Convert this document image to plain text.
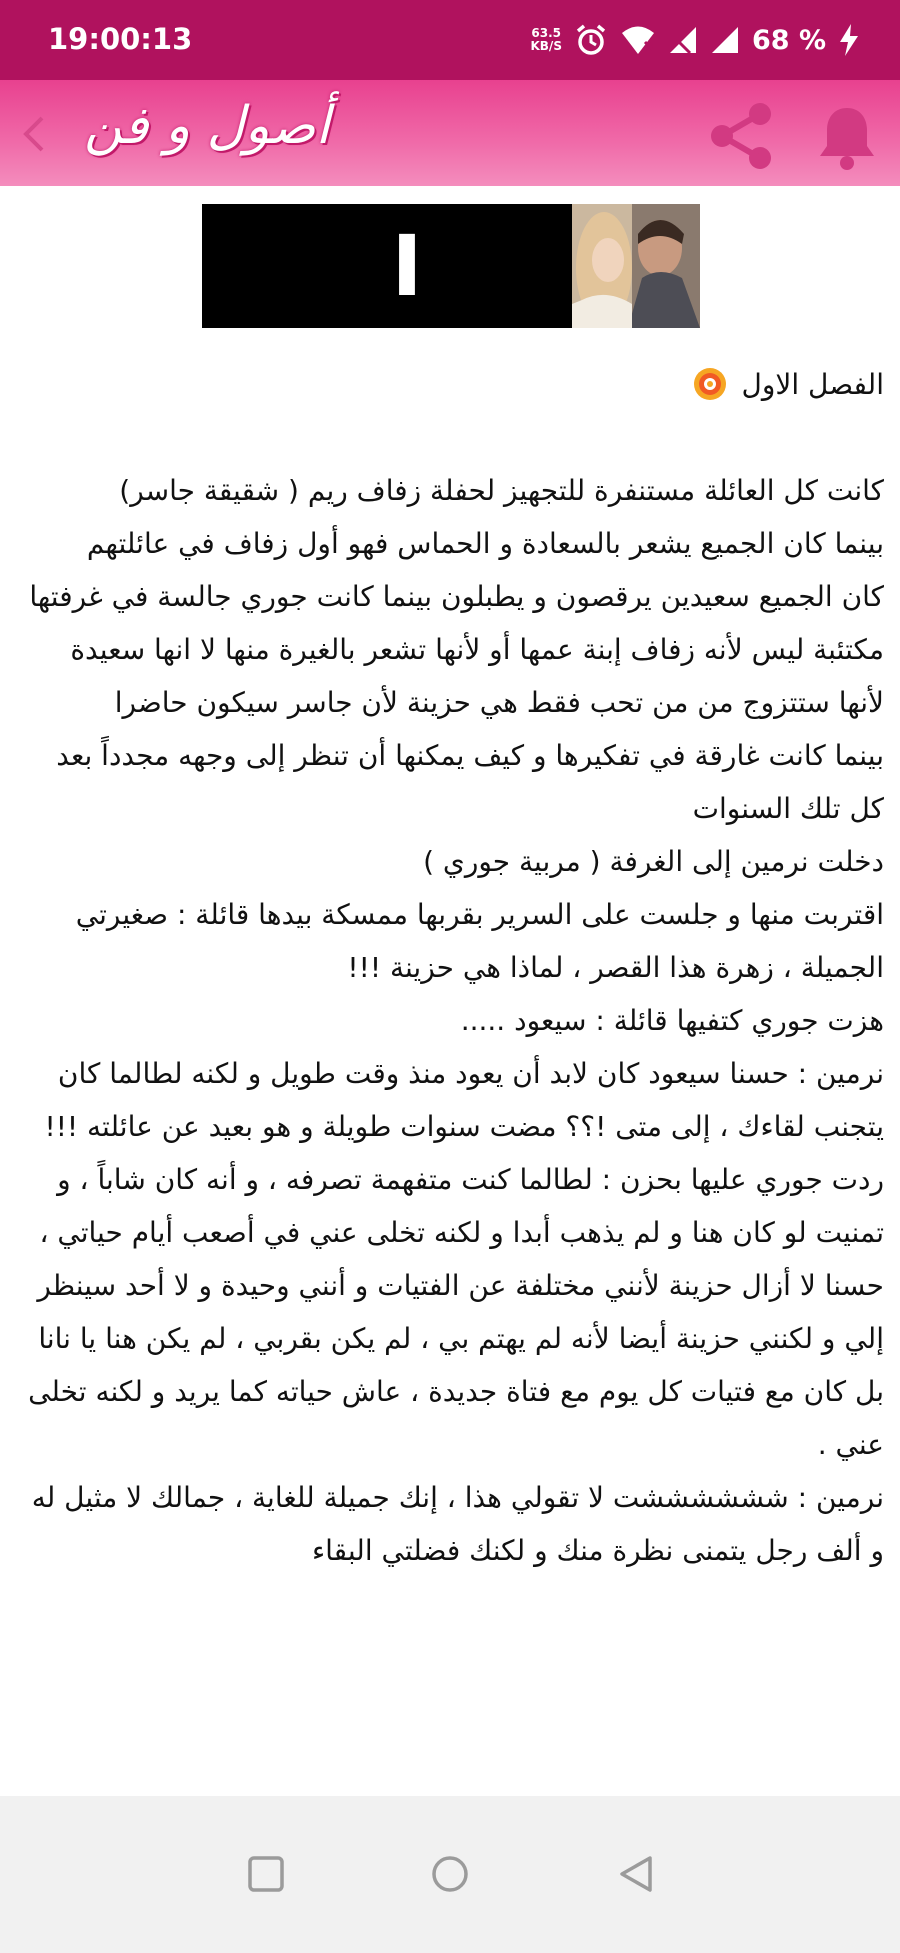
19:00:13	63.5
KB/S	68 %
أصول و فن
I
الفصل الاول

كانت كل العائلة مستنفرة للتجهيز لحفلة زفاف ريم ( شقيقة جاسر)

بينما كان الجميع يشعر بالسعادة و الحماس فهو أول زفاف في عائلتهم

كان الجميع سعيدين يرقصون و يطبلون بينما كانت جوري جالسة في غرفتها مكتئبة ليس لأنه زفاف إبنة عمها أو لأنها تشعر بالغيرة منها لا انها سعيدة لأنها ستتزوج من من تحب فقط هي حزينة لأن جاسر سيكون حاضرا

بينما كانت غارقة في تفكيرها و كيف يمكنها أن تنظر إلى وجهه مجدداً بعد كل تلك السنوات

دخلت نرمين إلى الغرفة ( مربية جوري )

اقتربت منها و جلست على السرير بقربها ممسكة بيدها قائلة : صغيرتي الجميلة ، زهرة هذا القصر ، لماذا هي حزينة !!!

هزت جوري كتفيها قائلة : سيعود .....

نرمين : حسنا سيعود كان لابد أن يعود منذ وقت طويل و لكنه لطالما كان يتجنب لقاءك ، إلى متى !؟؟ مضت سنوات طويلة و هو بعيد عن عائلته !!!

ردت جوري عليها بحزن : لطالما كنت متفهمة تصرفه ، و أنه كان شاباً ، و تمنيت لو كان هنا و لم يذهب أبدا و لكنه تخلى عني في أصعب أيام حياتي ،

حسنا لا أزال حزينة لأنني مختلفة عن الفتيات و أنني وحيدة و لا أحد سينظر إلي و لكنني حزينة أيضا لأنه لم يهتم بي ، لم يكن بقربي ، لم يكن هنا يا نانا بل كان مع فتيات كل يوم مع فتاة جديدة ، عاش حياته كما يريد و لكنه تخلى عني .

نرمين : ششششششت لا تقولي هذا ، إنك جميلة للغاية ، جمالك لا مثيل له و ألف رجل يتمنى نظرة منك و لكنك فضلتي البقاء
